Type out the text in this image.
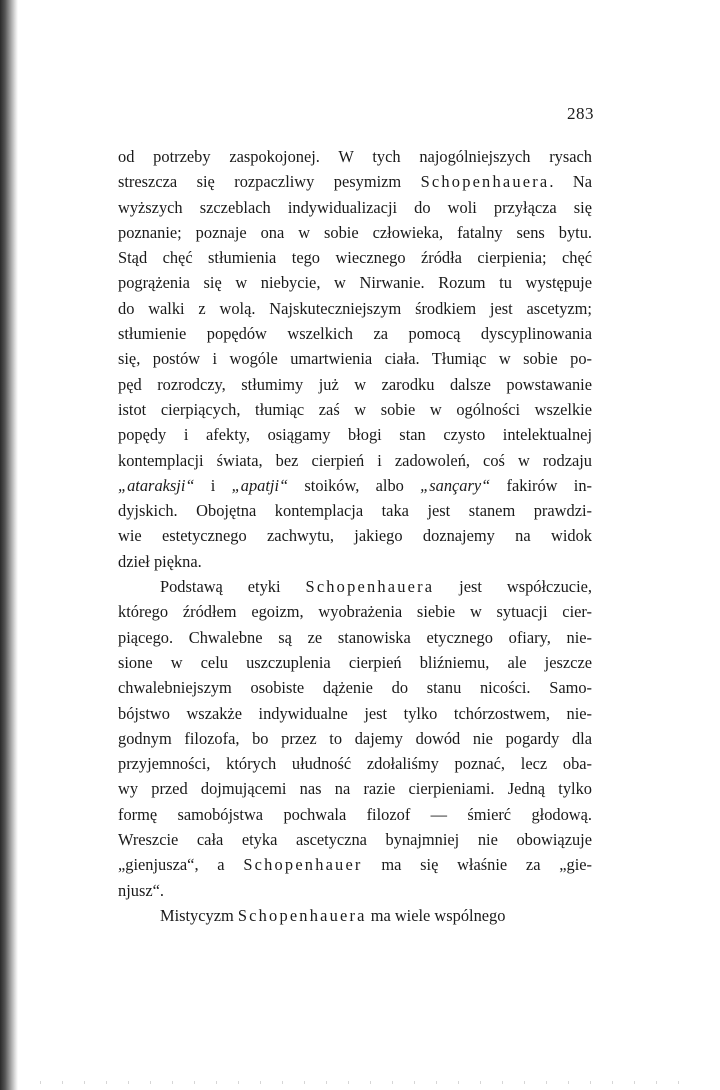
283
od potrzeby zaspokojonej. W tych najogólniejszych rysach
streszcza się rozpaczliwy pesymizm Schopenhauera. Na
wyższych szczeblach indywidualizacji do woli przyłącza się
poznanie; poznaje ona w sobie człowieka, fatalny sens bytu.
Stąd chęć stłumienia tego wiecznego źródła cierpienia; chęć
pogrążenia się w niebycie, w Nirwanie. Rozum tu występuje
do walki z wolą. Najskuteczniejszym środkiem jest ascetyzm;
stłumienie popędów wszelkich za pomocą dyscyplinowania
się, postów i wogóle umartwienia ciała. Tłumiąc w sobie po-
pęd rozrodczy, stłumimy już w zarodku dalsze powstawanie
istot cierpiących, tłumiąc zaś w sobie w ogólności wszelkie
popędy i afekty, osiągamy błogi stan czysto intelektualnej
kontemplacji świata, bez cierpień i zadowoleń, coś w rodzaju
„ataraksji“ i „apatji“ stoików, albo „sançary“ fakirów in-
dyjskich. Obojętna kontemplacja taka jest stanem prawdzi-
wie estetycznego zachwytu, jakiego doznajemy na widok
dzieł piękna.
Podstawą etyki Schopenhauera jest współczucie,
którego źródłem egoizm, wyobrażenia siebie w sytuacji cier-
piącego. Chwalebne są ze stanowiska etycznego ofiary, nie-
sione w celu uszczuplenia cierpień bliźniemu, ale jeszcze
chwalebniejszym osobiste dążenie do stanu nicości. Samo-
bójstwo wszakże indywidualne jest tylko tchórzostwem, nie-
godnym filozofa, bo przez to dajemy dowód nie pogardy dla
przyjemności, których ułudność zdołaliśmy poznać, lecz oba-
wy przed dojmującemi nas na razie cierpieniami. Jedną tylko
formę samobójstwa pochwala filozof — śmierć głodową.
Wreszcie cała etyka ascetyczna bynajmniej nie obowiązuje
„gienjusza“, a Schopenhauer ma się właśnie za „gie-
njusz“.
Mistycyzm Schopenhauera ma wiele wspólnego
